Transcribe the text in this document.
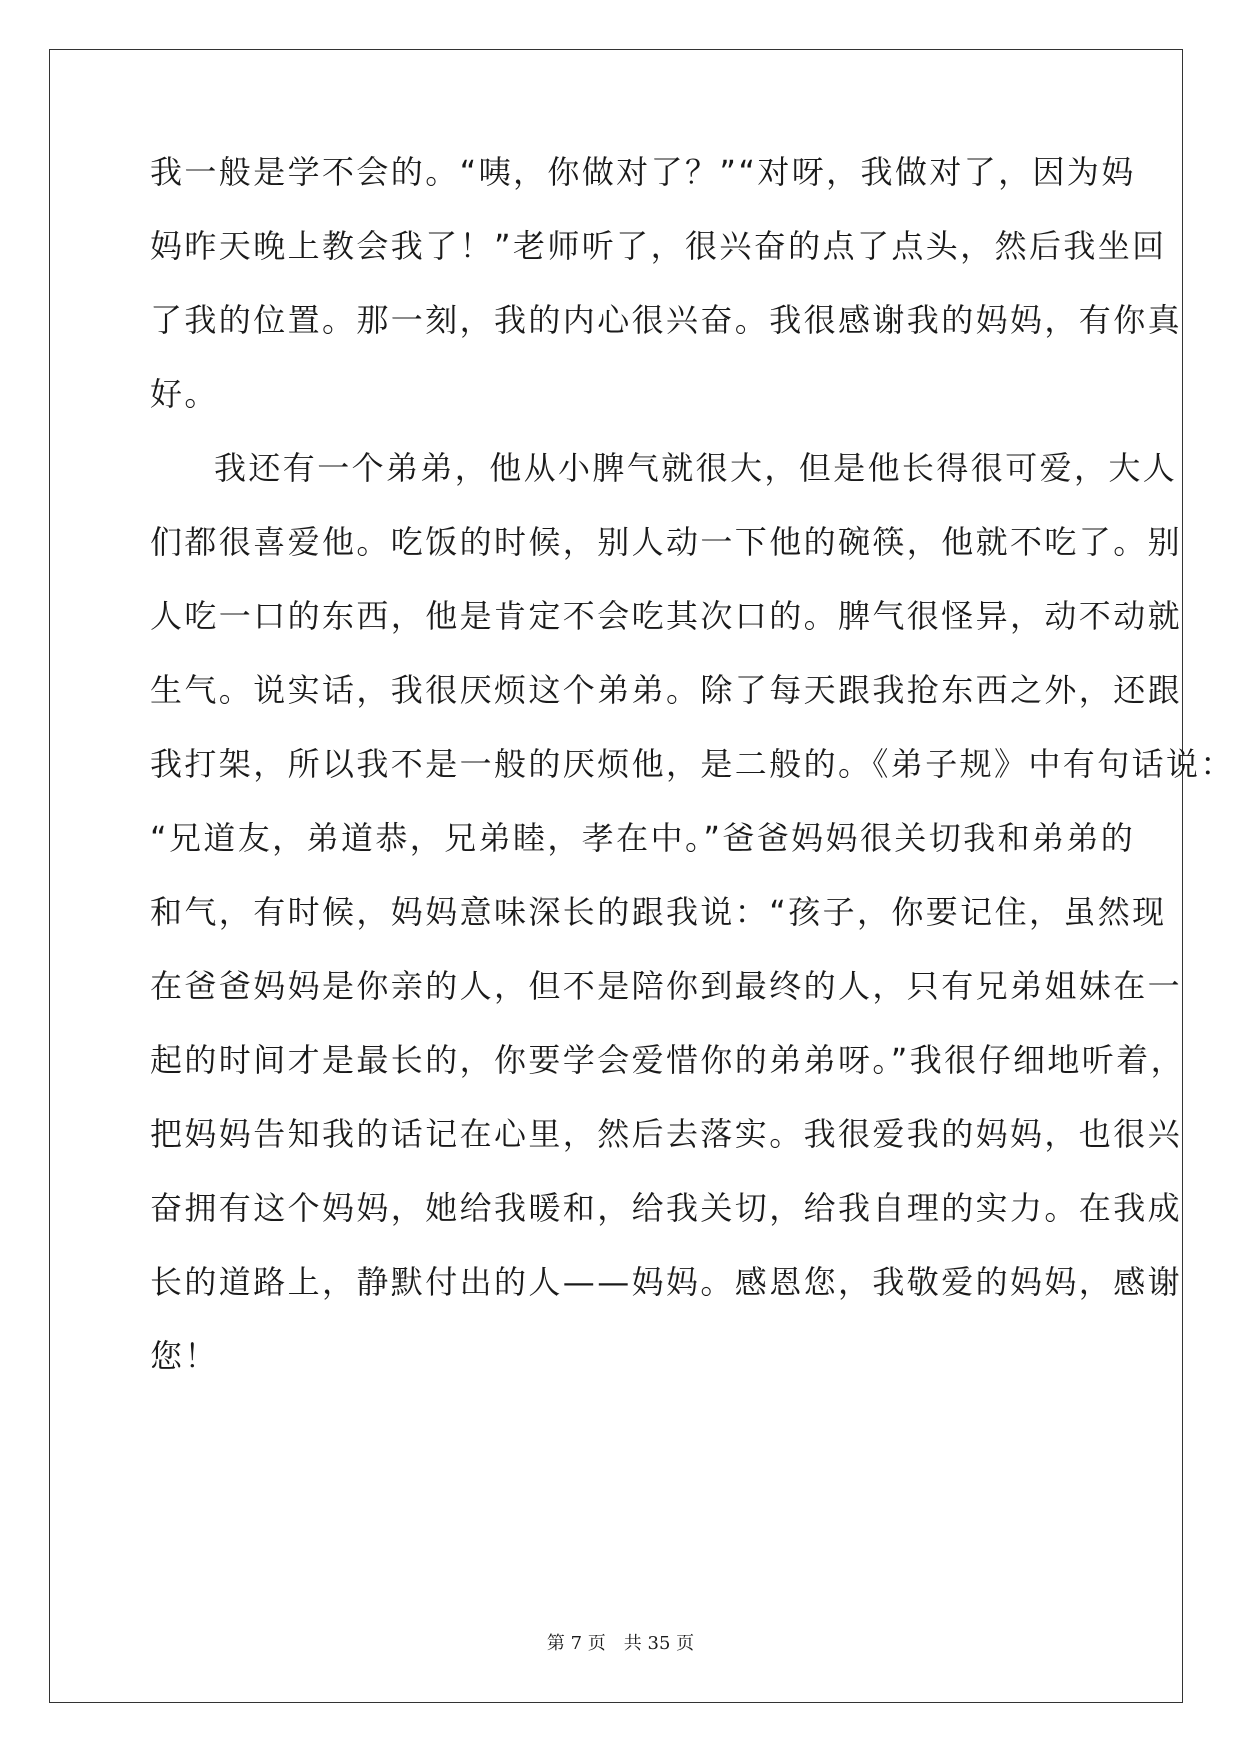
我一般是学不会的。“咦，你做对了？”“对呀，我做对了，因为妈
妈昨天晚上教会我了！”老师听了，很兴奋的点了点头，然后我坐回
了我的位置。那一刻，我的内心很兴奋。我很感谢我的妈妈，有你真
好。
我还有一个弟弟，他从小脾气就很大，但是他长得很可爱，大人
们都很喜爱他。吃饭的时候，别人动一下他的碗筷，他就不吃了。别
人吃一口的东西，他是肯定不会吃其次口的。脾气很怪异，动不动就
生气。说实话，我很厌烦这个弟弟。除了每天跟我抢东西之外，还跟
我打架，所以我不是一般的厌烦他，是二般的。《弟子规》中有句话说：
“兄道友，弟道恭，兄弟睦，孝在中。”爸爸妈妈很关切我和弟弟的
和气，有时候，妈妈意味深长的跟我说：“孩子，你要记住，虽然现
在爸爸妈妈是你亲的人，但不是陪你到最终的人，只有兄弟姐妹在一
起的时间才是最长的，你要学会爱惜你的弟弟呀。”我很仔细地听着，
把妈妈告知我的话记在心里，然后去落实。我很爱我的妈妈，也很兴
奋拥有这个妈妈，她给我暖和，给我关切，给我自理的实力。在我成
长的道路上，静默付出的人——妈妈。感恩您，我敬爱的妈妈，感谢
您！
第 7 页　共 35 页
